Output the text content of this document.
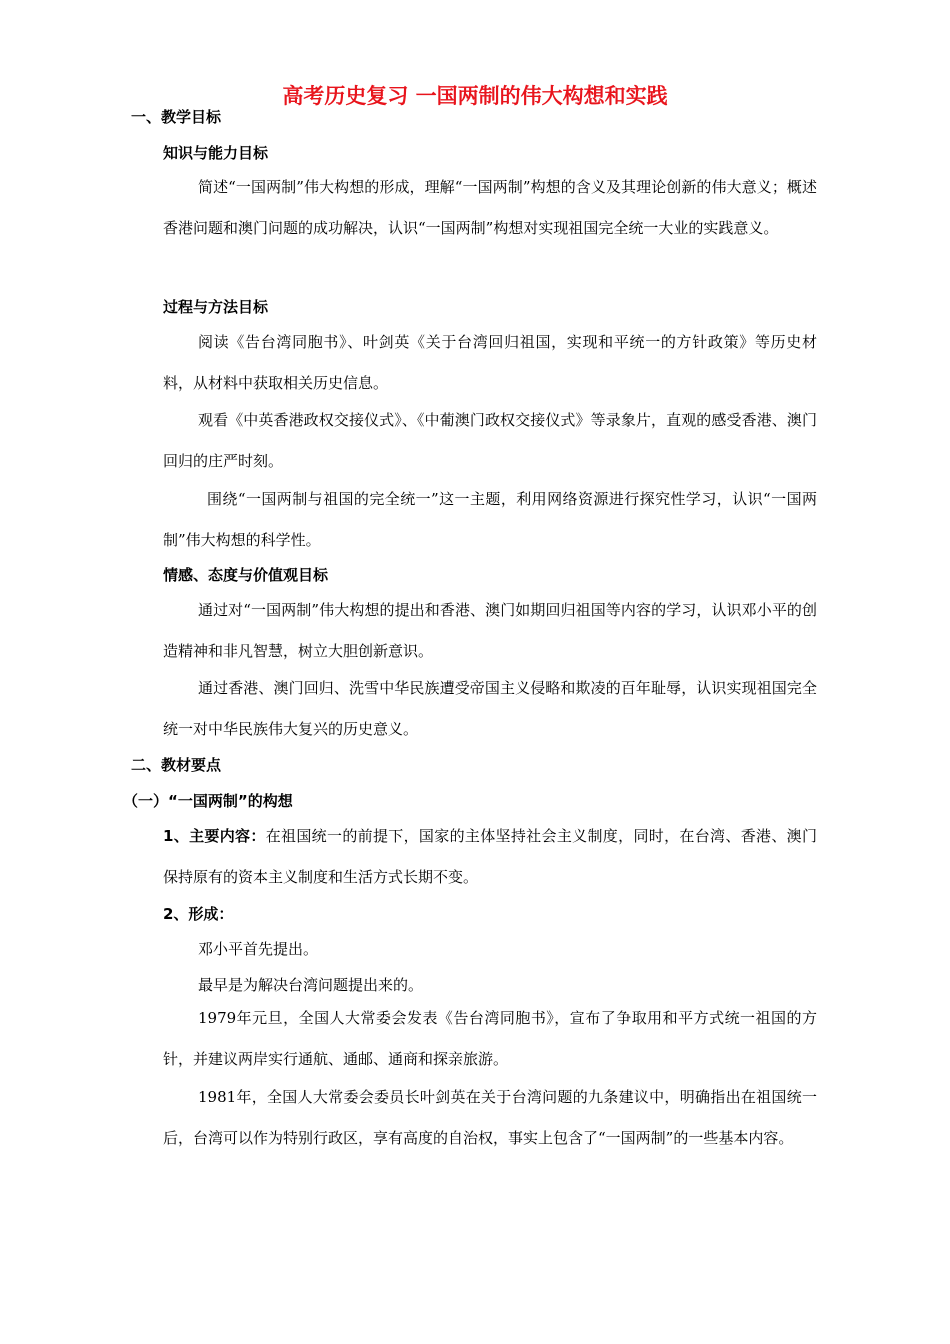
高考历史复习 一国两制的伟大构想和实践
一、教学目标
知识与能力目标
简述“一国两制”伟大构想的形成，理解“一国两制”构想的含义及其理论创新的伟大意义；概述香港问题和澳门问题的成功解决，认识“一国两制”构想对实现祖国完全统一大业的实践意义。
过程与方法目标
阅读《告台湾同胞书》、叶剑英《关于台湾回归祖国，实现和平统一的方针政策》等历史材料，从材料中获取相关历史信息。
观看《中英香港政权交接仪式》、《中葡澳门政权交接仪式》等录象片，直观的感受香港、澳门回归的庄严时刻。
围绕“一国两制与祖国的完全统一”这一主题，利用网络资源进行探究性学习，认识“一国两制”伟大构想的科学性。
情感、态度与价值观目标
通过对“一国两制”伟大构想的提出和香港、澳门如期回归祖国等内容的学习，认识邓小平的创造精神和非凡智慧，树立大胆创新意识。
通过香港、澳门回归、洗雪中华民族遭受帝国主义侵略和欺凌的百年耻辱，认识实现祖国完全统一对中华民族伟大复兴的历史意义。
二、教材要点
（一）“一国两制”的构想
1、主要内容：在祖国统一的前提下，国家的主体坚持社会主义制度，同时，在台湾、香港、澳门保持原有的资本主义制度和生活方式长期不变。
2、形成：
邓小平首先提出。
最早是为解决台湾问题提出来的。
1979年元旦，全国人大常委会发表《告台湾同胞书》，宣布了争取用和平方式统一祖国的方针，并建议两岸实行通航、通邮、通商和探亲旅游。
1981年，全国人大常委会委员长叶剑英在关于台湾问题的九条建议中，明确指出在祖国统一后，台湾可以作为特别行政区，享有高度的自治权，事实上包含了“一国两制”的一些基本内容。
